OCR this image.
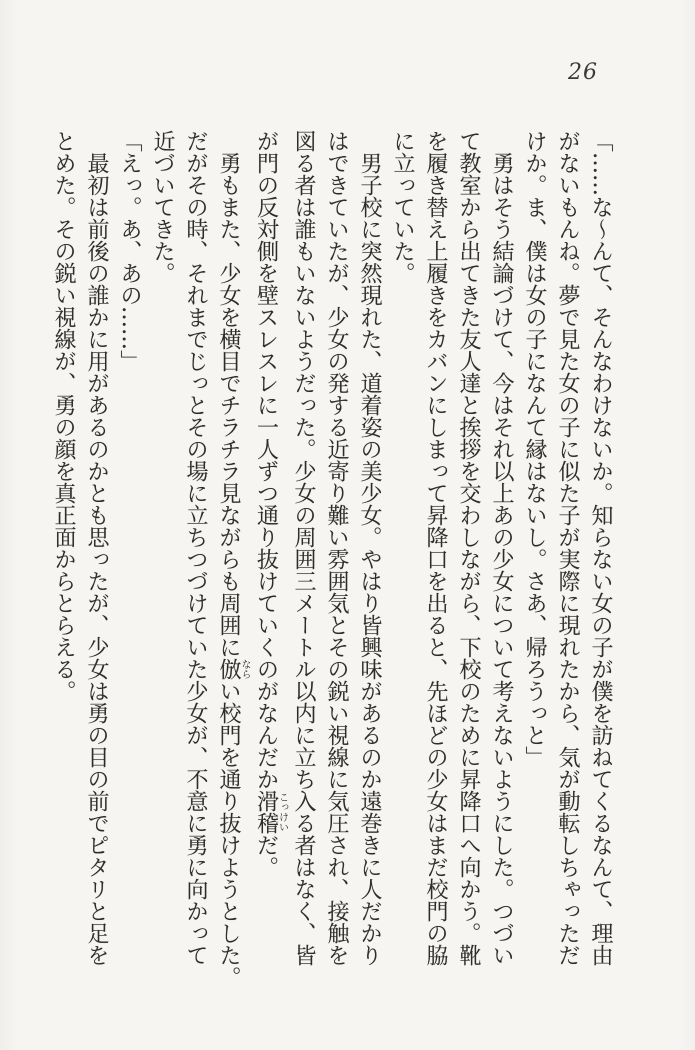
26
「……な～んて、そんなわけないか。知らない女の子が僕を訪ねてくるなんて、理由
がないもんね。夢で見た女の子に似た子が実際に現れたから、気が動転しちゃっただ
けか。ま、僕は女の子になんて縁はないし。さあ、帰ろうっと」
　勇はそう結論づけて、今はそれ以上あの少女について考えないようにした。つづい
て教室から出てきた友人達と挨拶を交わしながら、下校のために昇降口へ向かう。靴
を履き替え上履きをカバンにしまって昇降口を出ると、先ほどの少女はまだ校門の脇
に立っていた。
　男子校に突然現れた、道着姿の美少女。やはり皆興味があるのか遠巻きに人だかり
はできていたが、少女の発する近寄り難い雰囲気とその鋭い視線に気圧され、接触を
図る者は誰もいないようだった。少女の周囲三メートル以内に立ち入る者はなく、皆
が門の反対側を壁スレスレに一人ずつ通り抜けていくのがなんだか滑稽こっけいだ。
　勇もまた、少女を横目でチラチラ見ながらも周囲に倣ならい校門を通り抜けようとした。
だがその時、それまでじっとその場に立ちつづけていた少女が、不意に勇に向かって
近づいてきた。
「えっ。あ、あの……」
　最初は前後の誰かに用があるのかとも思ったが、少女は勇の目の前でピタリと足を
とめた。その鋭い視線が、勇の顔を真正面からとらえる。
